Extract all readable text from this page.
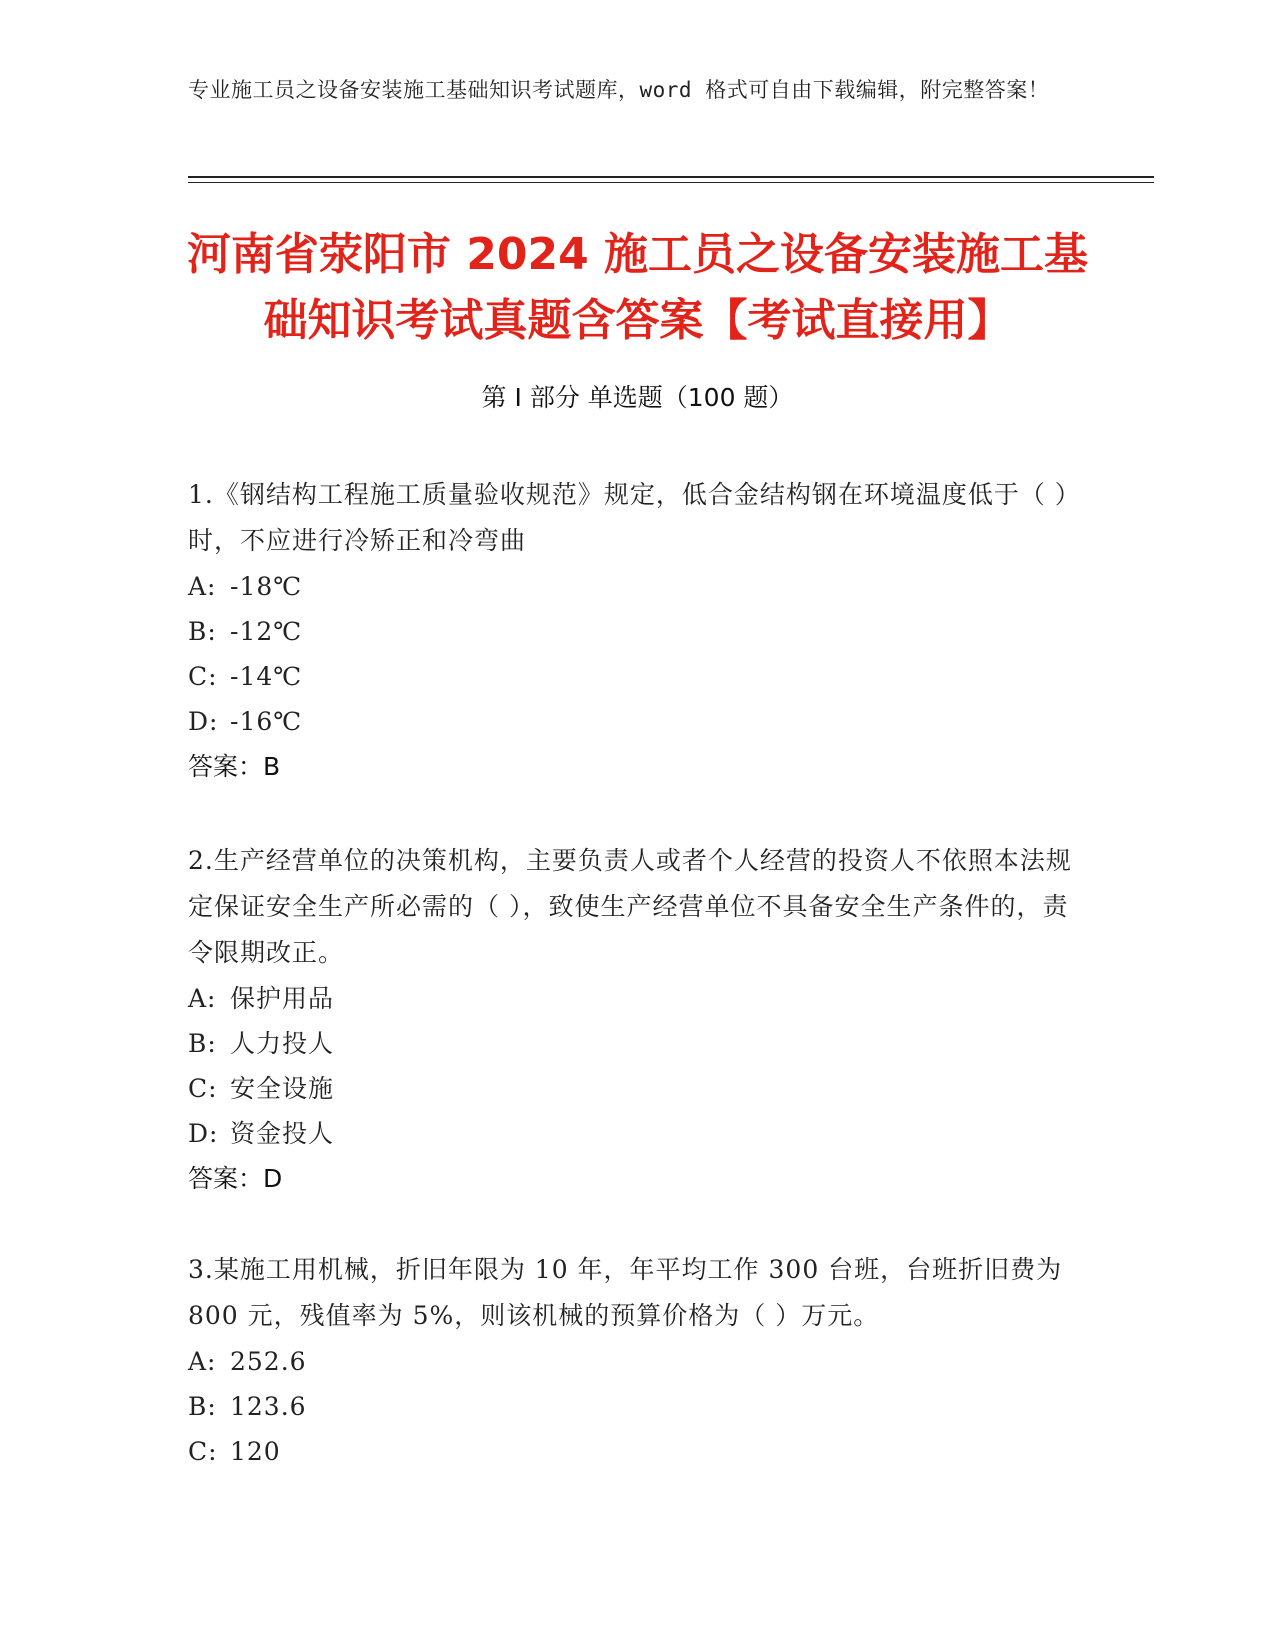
专业施工员之设备安装施工基础知识考试题库，word 格式可自由下载编辑，附完整答案！
河南省荥阳市 2024 施工员之设备安装施工基础知识考试真题含答案【考试直接用】
第 I 部分 单选题（100 题）
1.《钢结构工程施工质量验收规范》规定，低合金结构钢在环境温度低于（ ）时，不应进行冷矫正和冷弯曲
A: -18℃
B: -12℃
C: -14℃
D: -16℃
答案：B
2.生产经营单位的决策机构，主要负责人或者个人经营的投资人不依照本法规定保证安全生产所必需的（ ），致使生产经营单位不具备安全生产条件的，责令限期改正。
A: 保护用品
B: 人力投人
C: 安全设施
D: 资金投人
答案：D
3.某施工用机械，折旧年限为 10 年，年平均工作 300 台班，台班折旧费为 800 元，残值率为 5%，则该机械的预算价格为（ ）万元。
A: 252.6
B: 123.6
C: 120
